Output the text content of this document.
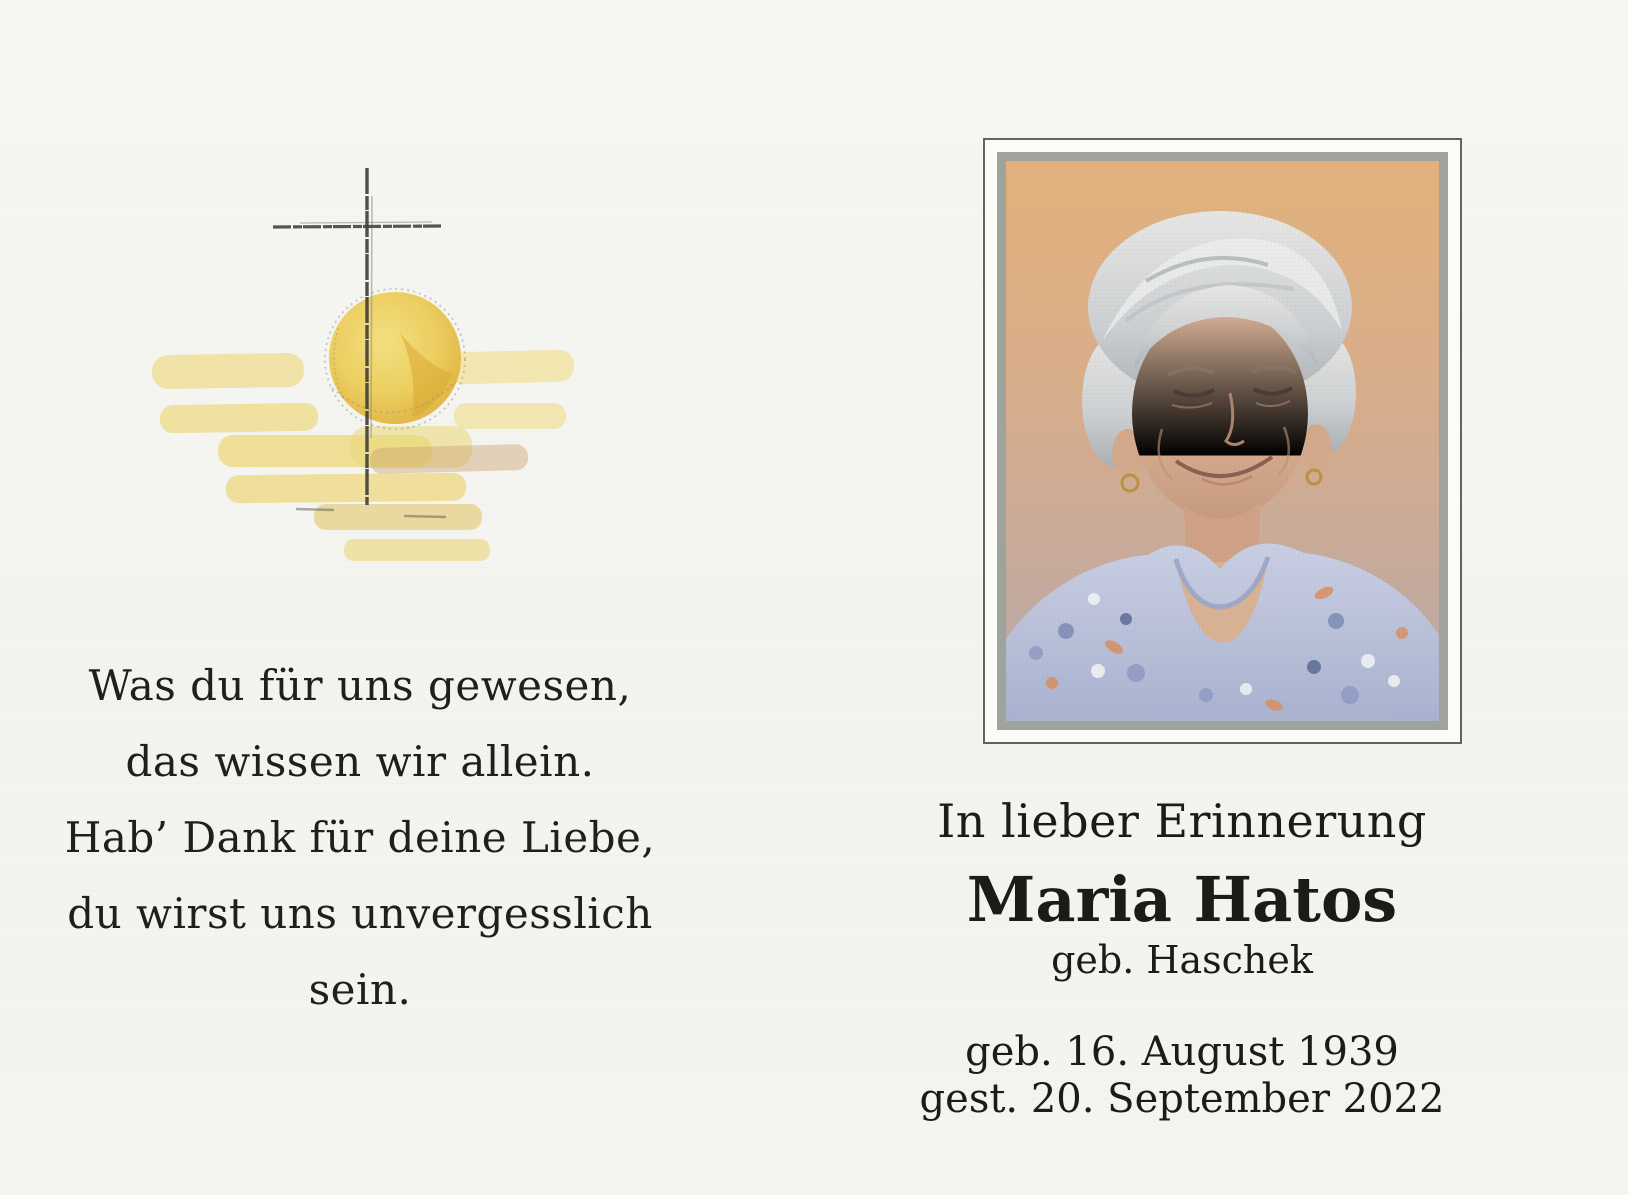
Was du für uns gewesen,
das wissen wir allein.
Hab’ Dank für deine Liebe,
du wirst uns unvergesslich sein.
In lieber Erinnerung
Maria Hatos
geb. Haschek
geb. 16. August 1939
gest. 20. September 2022
